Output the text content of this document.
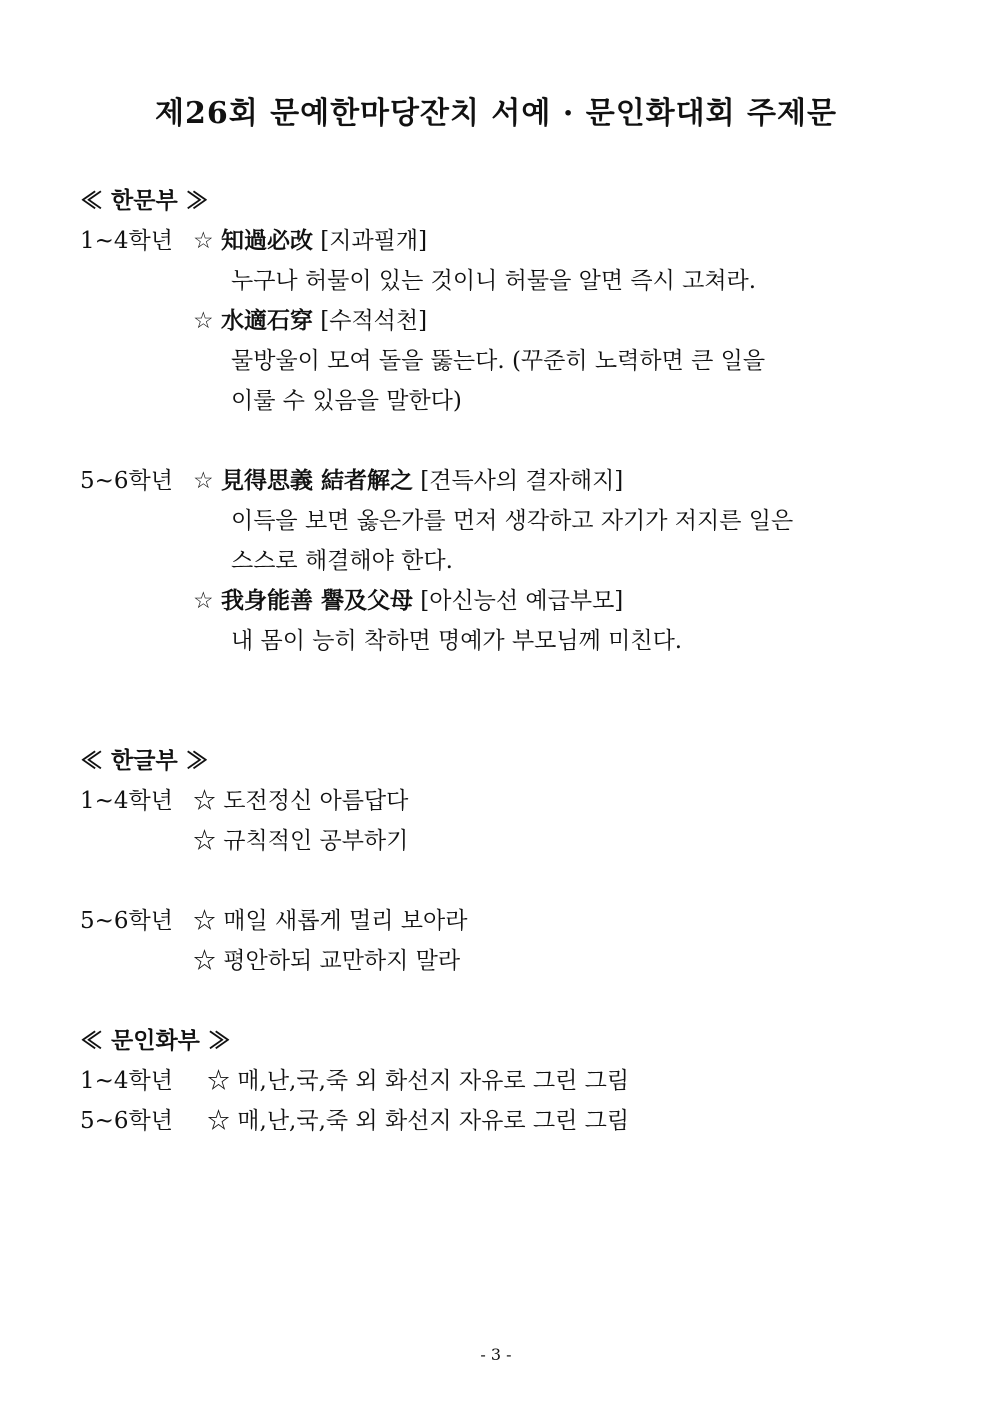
제26회 문예한마당잔치 서예 · 문인화대회 주제문
≪ 한문부 ≫
1~4학년 ☆ 知過必改 [지과필개]
누구나 허물이 있는 것이니 허물을 알면 즉시 고쳐라.
☆ 水適石穿 [수적석천]
물방울이 모여 돌을 뚫는다. (꾸준히 노력하면 큰 일을
이룰 수 있음을 말한다)
5~6학년 ☆ 見得思義 結者解之 [견득사의 결자해지]
이득을 보면 옳은가를 먼저 생각하고 자기가 저지른 일은
스스로 해결해야 한다.
☆ 我身能善 譽及父母 [아신능선 예급부모]
내 몸이 능히 착하면 명예가 부모님께 미친다.
≪ 한글부 ≫
1~4학년 ☆ 도전정신 아름답다
☆ 규칙적인 공부하기
5~6학년 ☆ 매일 새롭게 멀리 보아라
☆ 평안하되 교만하지 말라
≪ 문인화부 ≫
1~4학년 ☆ 매,난,국,죽 외 화선지 자유로 그린 그림
5~6학년 ☆ 매,난,국,죽 외 화선지 자유로 그린 그림
- 3 -
